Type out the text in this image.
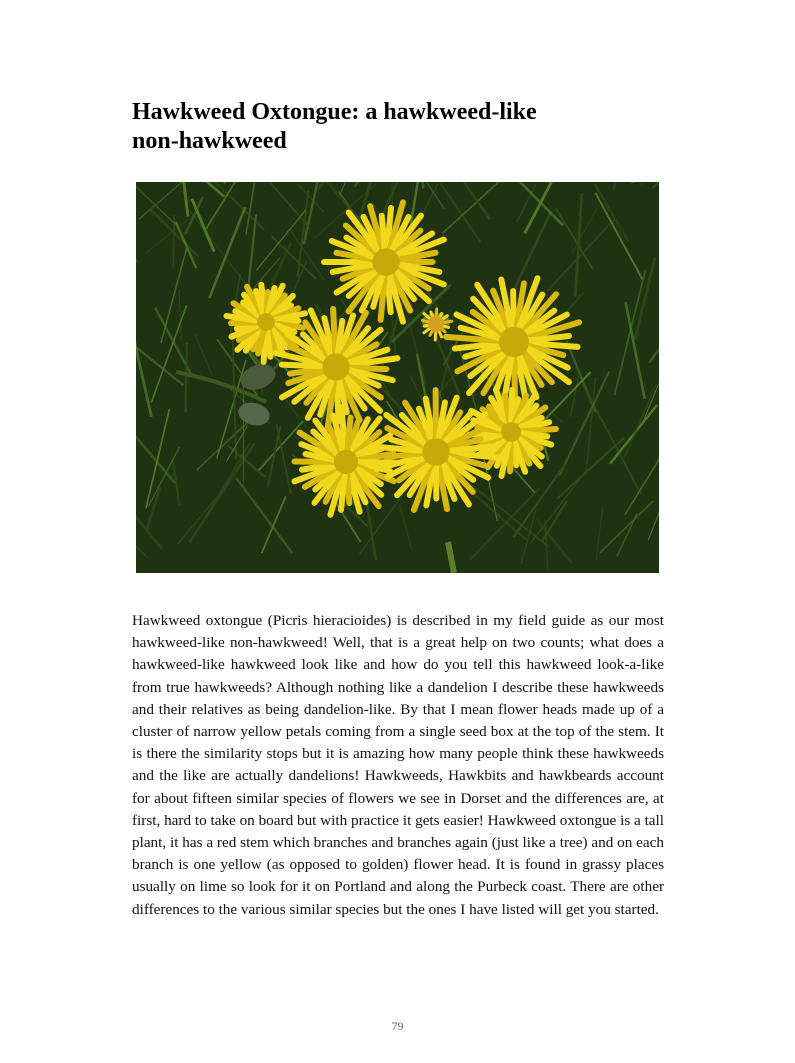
Hawkweed Oxtongue: a hawkweed-like
non-hawkweed

Hawkweed oxtongue (Picris hieracioides) is described in my field guide as our most hawkweed-like non-hawkweed! Well, that is a great help on two counts; what does a hawkweed-like hawkweed look like and how do you tell this hawkweed look-a-like from true hawkweeds? Although nothing like a dandelion I describe these hawkweeds and their relatives as being dandelion-like. By that I mean flower heads made up of a cluster of narrow yellow petals coming from a single seed box at the top of the stem. It is there the similarity stops but it is amazing how many people think these hawkweeds and the like are actually dandelions! Hawkweeds, Hawkbits and hawkbeards account for about fifteen similar species of flowers we see in Dorset and the differences are, at first, hard to take on board but with practice it gets easier! Hawkweed oxtongue is a tall plant, it has a red stem which branches and branches again (just like a tree) and on each branch is one yellow (as opposed to golden) flower head. It is found in grassy places usually on lime so look for it on Portland and along the Purbeck coast. There are other differences to the various similar species but the ones I have listed will get you started.

79
